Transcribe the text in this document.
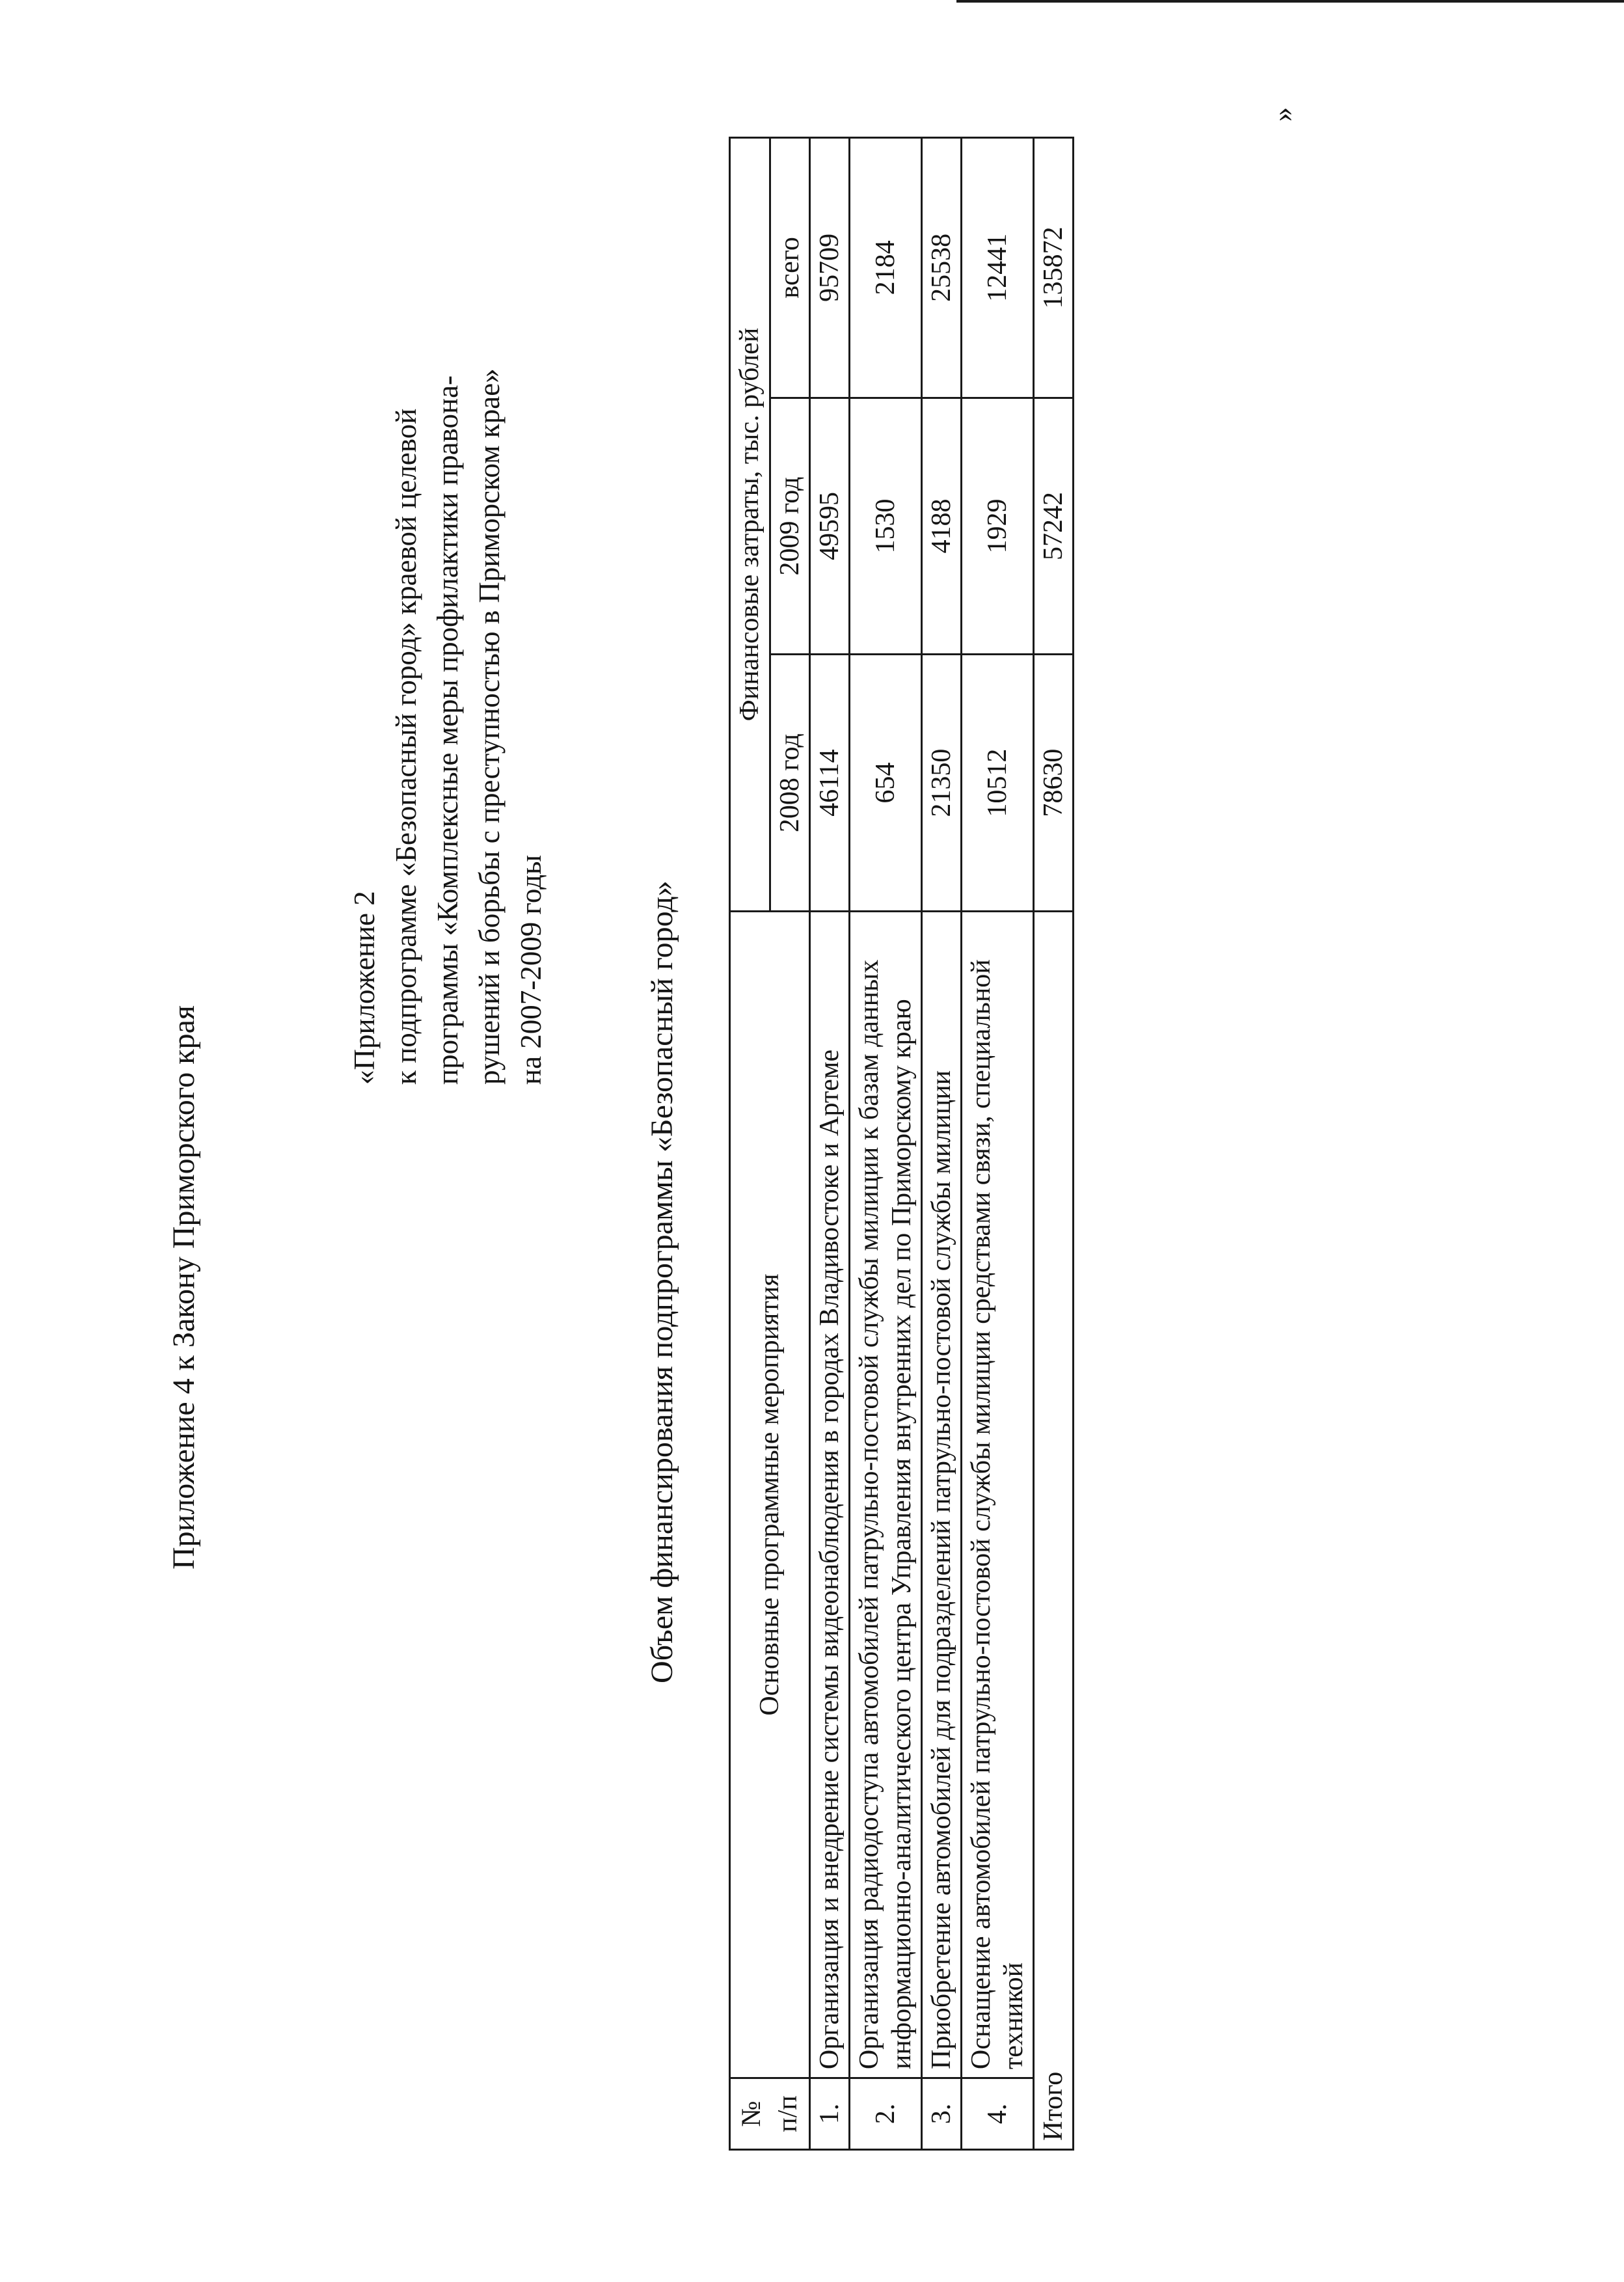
Приложение 4 к Закону Приморского края
«Приложение 2 к подпрограмме «Безопасный город» краевой целевой программы «Комплексные меры профилактики правона- рушений и борьбы с преступностью в Приморском крае» на 2007-2009 годы	Объем финансирования подпрограммы «Безопасный город»
№ п/п	Основные программные мероприятия	Финансовые затраты, тыс. рублей		
		2008 год	2009 год	всего
1.	Организация и внедрение системы видеонаблюдения в городах Владивостоке и Артеме	46114	49595	95709
2.	Организация радиодоступа автомобилей патрульно-постовой службы милиции к базам данных информационно-аналитического центра Управления внутренних дел по Приморскому краю	654	1530	2184
3.	Приобретение автомобилей для подразделений патрульно-постовой службы милиции	21350	4188	25538
4.	Оснащение автомобилей патрульно-постовой службы милиции средствами связи, специальной техникой	10512	1929	12441
Итого		78630	57242	135872
»
